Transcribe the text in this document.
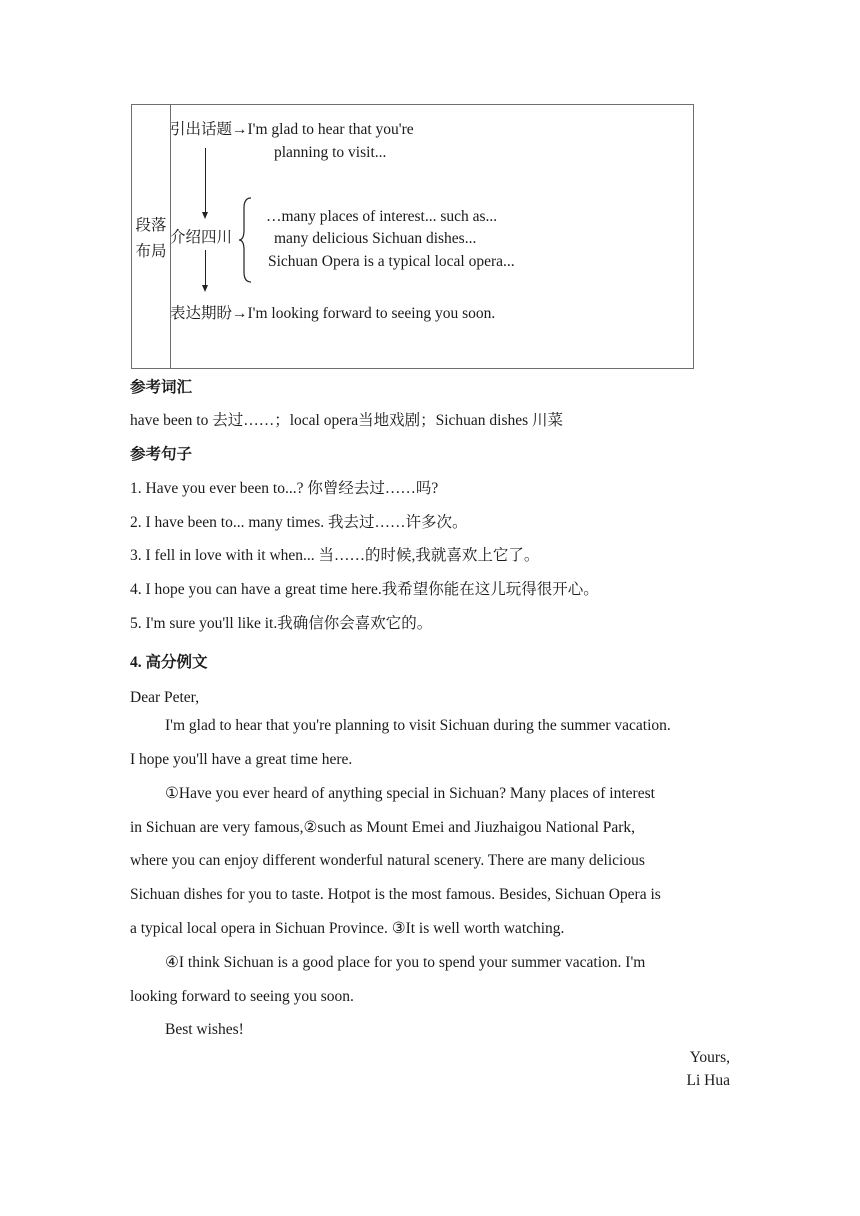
段落
布局
引出话题→I'm glad to hear that you're
planning to visit...
介绍四川
…many places of interest... such as...
many delicious Sichuan dishes...
Sichuan Opera is a typical local opera...
表达期盼→I'm looking forward to seeing you soon.
参考词汇
have been to 去过……；local opera当地戏剧；Sichuan dishes 川菜
参考句子
1. Have you ever been to...? 你曾经去过……吗?
2. I have been to... many times. 我去过……许多次。
3. I fell in love with it when... 当……的时候,我就喜欢上它了。
4. I hope you can have a great time here.我希望你能在这儿玩得很开心。
5. I'm sure you'll like it.我确信你会喜欢它的。
4. 高分例文
Dear Peter,
I'm glad to hear that you're planning to visit Sichuan during the summer vacation.
I hope you'll have a great time here.
①Have you ever heard of anything special in Sichuan? Many places of interest
in Sichuan are very famous,②such as Mount Emei and Jiuzhaigou National Park,
where you can enjoy different wonderful natural scenery. There are many delicious
Sichuan dishes for you to taste. Hotpot is the most famous. Besides, Sichuan Opera is
a typical local opera in Sichuan Province. ③It is well worth watching.
④I think Sichuan is a good place for you to spend your summer vacation. I'm
looking forward to seeing you soon.
Best wishes!
Yours,
Li Hua
